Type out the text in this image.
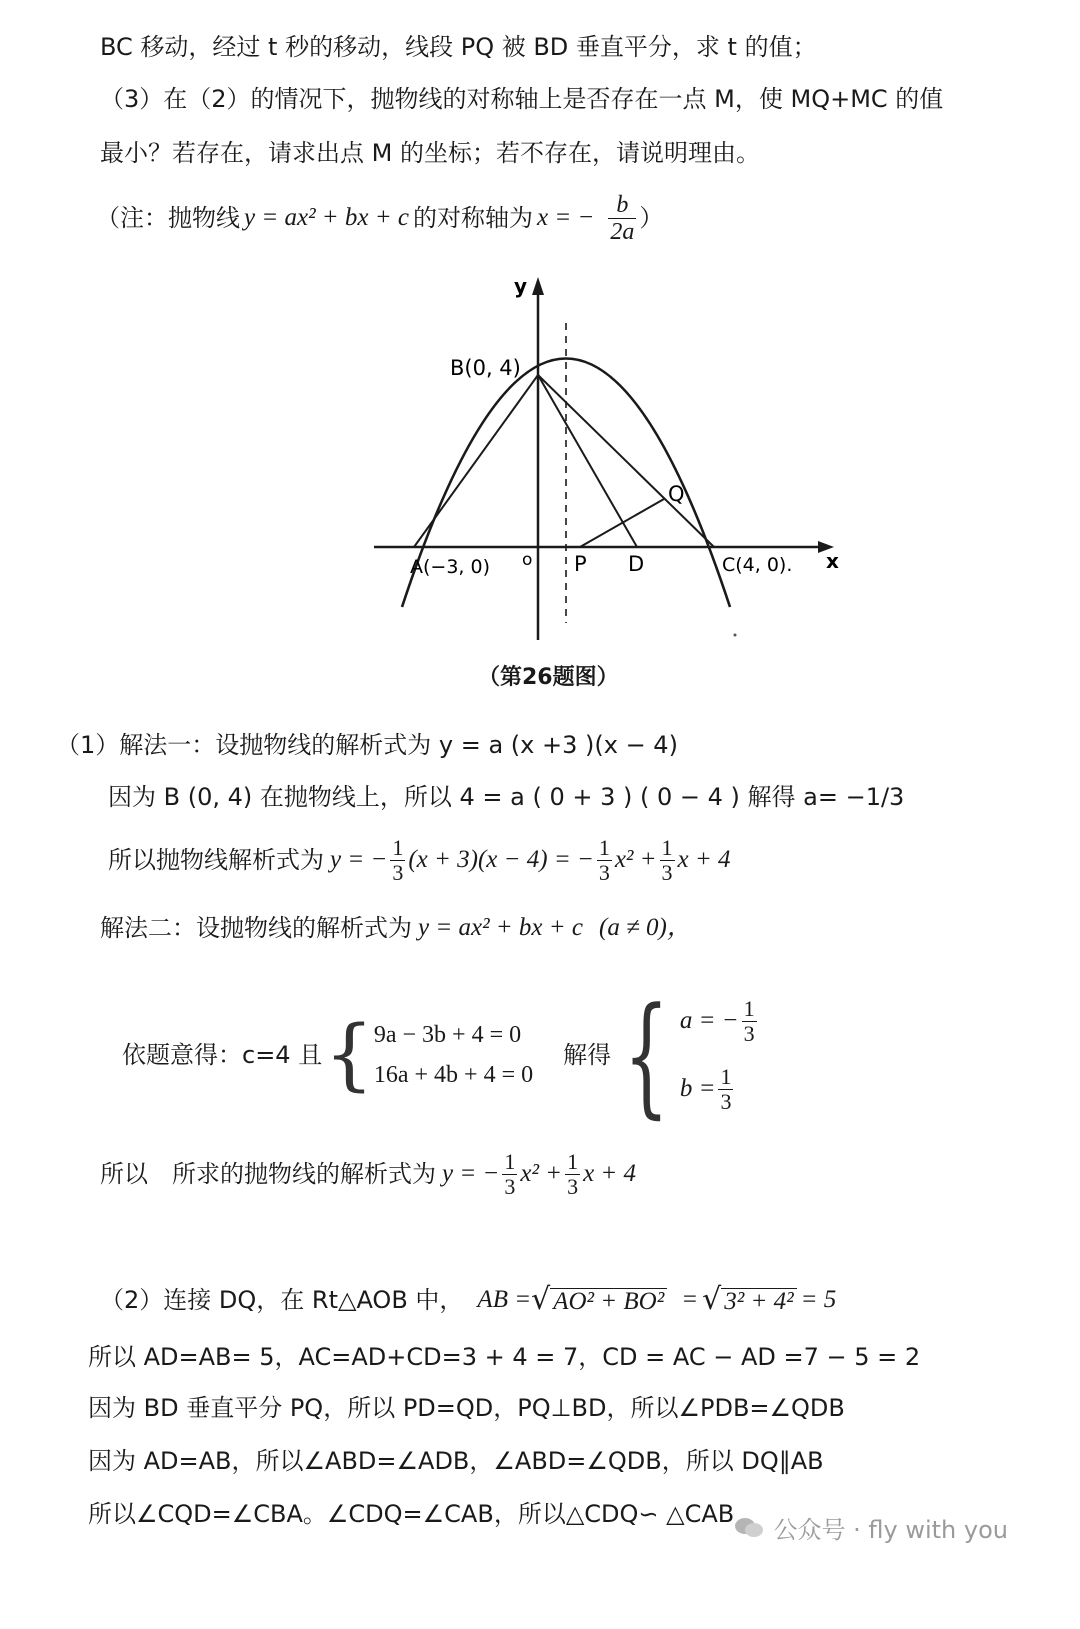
BC 移动，经过 t 秒的移动，线段 PQ 被 BD 垂直平分，求 t 的值；
（3）在（2）的情况下，抛物线的对称轴上是否存在一点 M，使 MQ+MC 的值
最小？若存在，请求出点 M 的坐标；若不存在，请说明理由。
（注：抛物线 y = ax² + bx + c 的对称轴为 x = − $\frac{b}{2a}$ ）
y
x
o
A(−3, 0)
B(0, 4)
C(4, 0).
P D
Q
（第26题图）
（1）解法一：设抛物线的解析式为 y = a (x +3 )(x − 4)
因为 B (0, 4) 在抛物线上，所以 4 = a ( 0 + 3 ) ( 0 − 4 ) 解得 a= −1/3
所以抛物线解析式为 y = − $\frac{1}{3} (x + 3)(x - 4)$ = − $\frac{1}{3} x^2 + \frac{1}{3}$ x + 4
解法二：设抛物线的解析式为 y = ax² + bx + c (a ≠ 0)，
依题意得：c=4 且 { 9a − 3b + 4 = 0
16a + 4b + 4 = 0
解得 { a = − $\frac{1}{3}$
$b = \frac{1}{3}$
所以　所求的抛物线的解析式为 y = − $\frac{1}{3} x^2 + \frac{1}{3}$ x + 4
（2）连接 DQ，在 Rt△AOB 中， AB = √ AO² + BO² = √ 3² + 4² = 5
所以 AD=AB= 5，AC=AD+CD=3 + 4 = 7，CD = AC − AD =7 − 5 = 2
因为 BD 垂直平分 PQ，所以 PD=QD，PQ⊥BD，所以∠PDB=∠QDB
因为 AD=AB，所以∠ABD=∠ADB，∠ABD=∠QDB，所以 DQ∥AB
所以∠CQD=∠CBA。∠CDQ=∠CAB，所以△CDQ∽ △CAB
公众号 · fly with you
